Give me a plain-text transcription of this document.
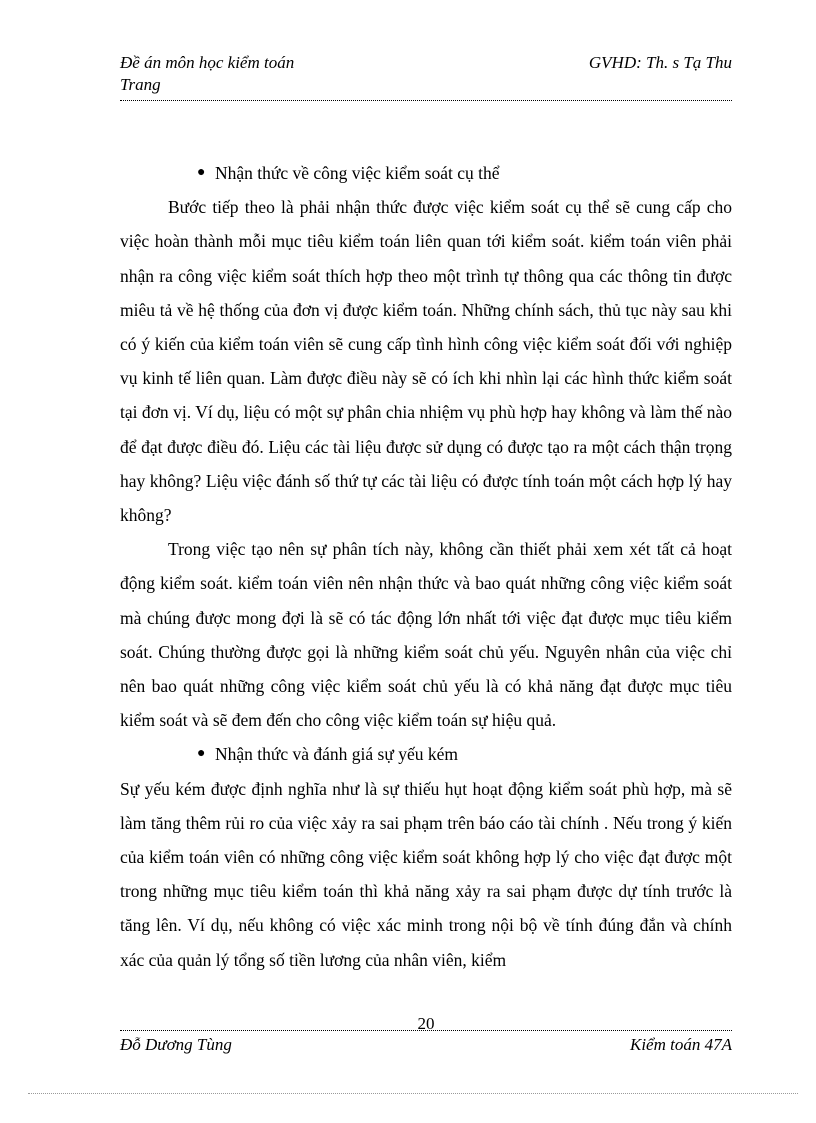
Đề án môn học kiểm toán	GVHD: Th. s Tạ Thu
Trang

● Nhận thức về công việc kiểm soát cụ thể

Bước tiếp theo là phải nhận thức được việc kiểm soát cụ thể sẽ cung cấp cho việc hoàn thành mỗi mục tiêu kiểm toán liên quan tới kiểm soát. kiểm toán viên phải nhận ra công việc kiểm soát thích hợp theo một trình tự thông qua các thông tin được miêu tả về hệ thống của đơn vị được kiểm toán. Những chính sách, thủ tục này sau khi có ý kiến của kiểm toán viên sẽ cung cấp tình hình công việc kiểm soát đối với nghiệp vụ kinh tế liên quan. Làm được điều này sẽ có ích khi nhìn lại các hình thức kiểm soát tại đơn vị. Ví dụ, liệu có một sự phân chia nhiệm vụ phù hợp hay không và làm thế nào để đạt được điều đó. Liệu các tài liệu được sử dụng có được tạo ra một cách thận trọng hay không? Liệu việc đánh số thứ tự các tài liệu có được tính toán một cách hợp lý hay không?

Trong việc tạo nên sự phân tích này, không cần thiết phải xem xét tất cả hoạt động kiểm soát. kiểm toán viên nên nhận thức và bao quát những công việc kiểm soát mà chúng được mong đợi là sẽ có tác động lớn nhất tới việc đạt được mục tiêu kiểm soát. Chúng thường được gọi là những kiểm soát chủ yếu. Nguyên nhân của việc chỉ nên bao quát những công việc kiểm soát chủ yếu là có khả năng đạt được mục tiêu kiểm soát và sẽ đem đến cho công việc kiểm toán sự hiệu quả.

● Nhận thức và đánh giá sự yếu kém

Sự yếu kém được định nghĩa như là sự thiếu hụt hoạt động kiểm soát phù hợp, mà sẽ làm tăng thêm rủi ro của việc xảy ra sai phạm trên báo cáo tài chính . Nếu trong ý kiến của kiểm toán viên có những công việc kiểm soát không hợp lý cho việc đạt được một trong những mục tiêu kiểm toán thì khả năng xảy ra sai phạm được dự tính trước là tăng lên. Ví dụ, nếu không có việc xác minh trong nội bộ về tính đúng đắn và chính xác của quản lý tổng số tiền lương của nhân viên, kiểm

20
Đỗ Dương Tùng	Kiểm toán 47A
